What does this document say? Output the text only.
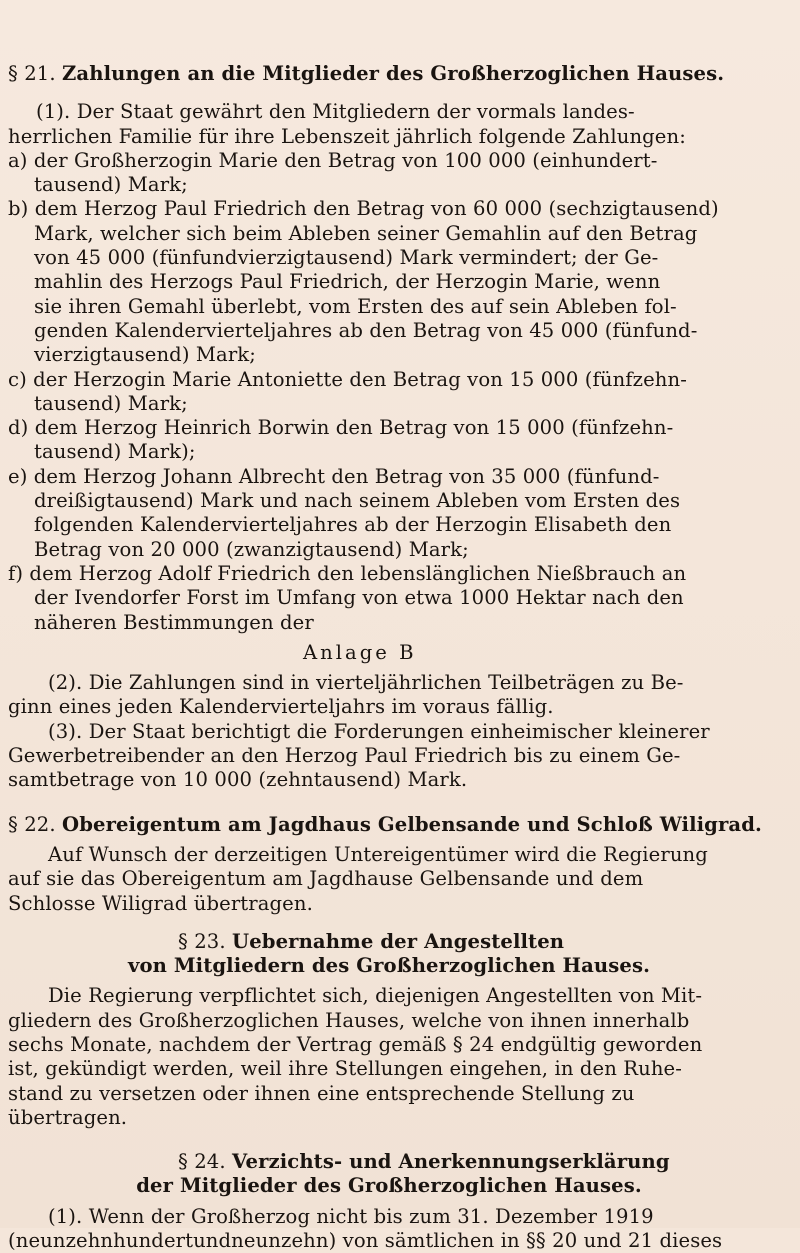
§ 21. Zahlungen an die Mitglieder des Großherzoglichen Hauses.
(1). Der Staat gewährt den Mitgliedern der vormals landes-
herrlichen Familie für ihre Lebenszeit jährlich folgende Zahlungen:
a) der Großherzogin Marie den Betrag von 100 000 (einhundert-
tausend) Mark;
b) dem Herzog Paul Friedrich den Betrag von 60 000 (sechzigtausend)
Mark, welcher sich beim Ableben seiner Gemahlin auf den Betrag
von 45 000 (fünfundvierzigtausend) Mark vermindert; der Ge-
mahlin des Herzogs Paul Friedrich, der Herzogin Marie, wenn
sie ihren Gemahl überlebt, vom Ersten des auf sein Ableben fol-
genden Kalendervierteljahres ab den Betrag von 45 000 (fünfund-
vierzigtausend) Mark;
c) der Herzogin Marie Antoniette den Betrag von 15 000 (fünfzehn-
tausend) Mark;
d) dem Herzog Heinrich Borwin den Betrag von 15 000 (fünfzehn-
tausend) Mark);
e) dem Herzog Johann Albrecht den Betrag von 35 000 (fünfund-
dreißigtausend) Mark und nach seinem Ableben vom Ersten des
folgenden Kalendervierteljahres ab der Herzogin Elisabeth den
Betrag von 20 000 (zwanzigtausend) Mark;
f) dem Herzog Adolf Friedrich den lebenslänglichen Nießbrauch an
der Ivendorfer Forst im Umfang von etwa 1000 Hektar nach den
näheren Bestimmungen der
Anlage B
(2). Die Zahlungen sind in vierteljährlichen Teilbeträgen zu Be-
ginn eines jeden Kalendervierteljahrs im voraus fällig.
(3). Der Staat berichtigt die Forderungen einheimischer kleinerer
Gewerbetreibender an den Herzog Paul Friedrich bis zu einem Ge-
samtbetrage von 10 000 (zehntausend) Mark.
§ 22. Obereigentum am Jagdhaus Gelbensande und Schloß Wiligrad.
Auf Wunsch der derzeitigen Untereigentümer wird die Regierung
auf sie das Obereigentum am Jagdhause Gelbensande und dem
Schlosse Wiligrad übertragen.
§ 23. Uebernahme der Angestellten
von Mitgliedern des Großherzoglichen Hauses.
Die Regierung verpflichtet sich, diejenigen Angestellten von Mit-
gliedern des Großherzoglichen Hauses, welche von ihnen innerhalb
sechs Monate, nachdem der Vertrag gemäß § 24 endgültig geworden
ist, gekündigt werden, weil ihre Stellungen eingehen, in den Ruhe-
stand zu versetzen oder ihnen eine entsprechende Stellung zu
übertragen.
§ 24. Verzichts- und Anerkennungserklärung
der Mitglieder des Großherzoglichen Hauses.
(1). Wenn der Großherzog nicht bis zum 31. Dezember 1919
(neunzehnhundertundneunzehn) von sämtlichen in §§ 20 und 21 dieses
